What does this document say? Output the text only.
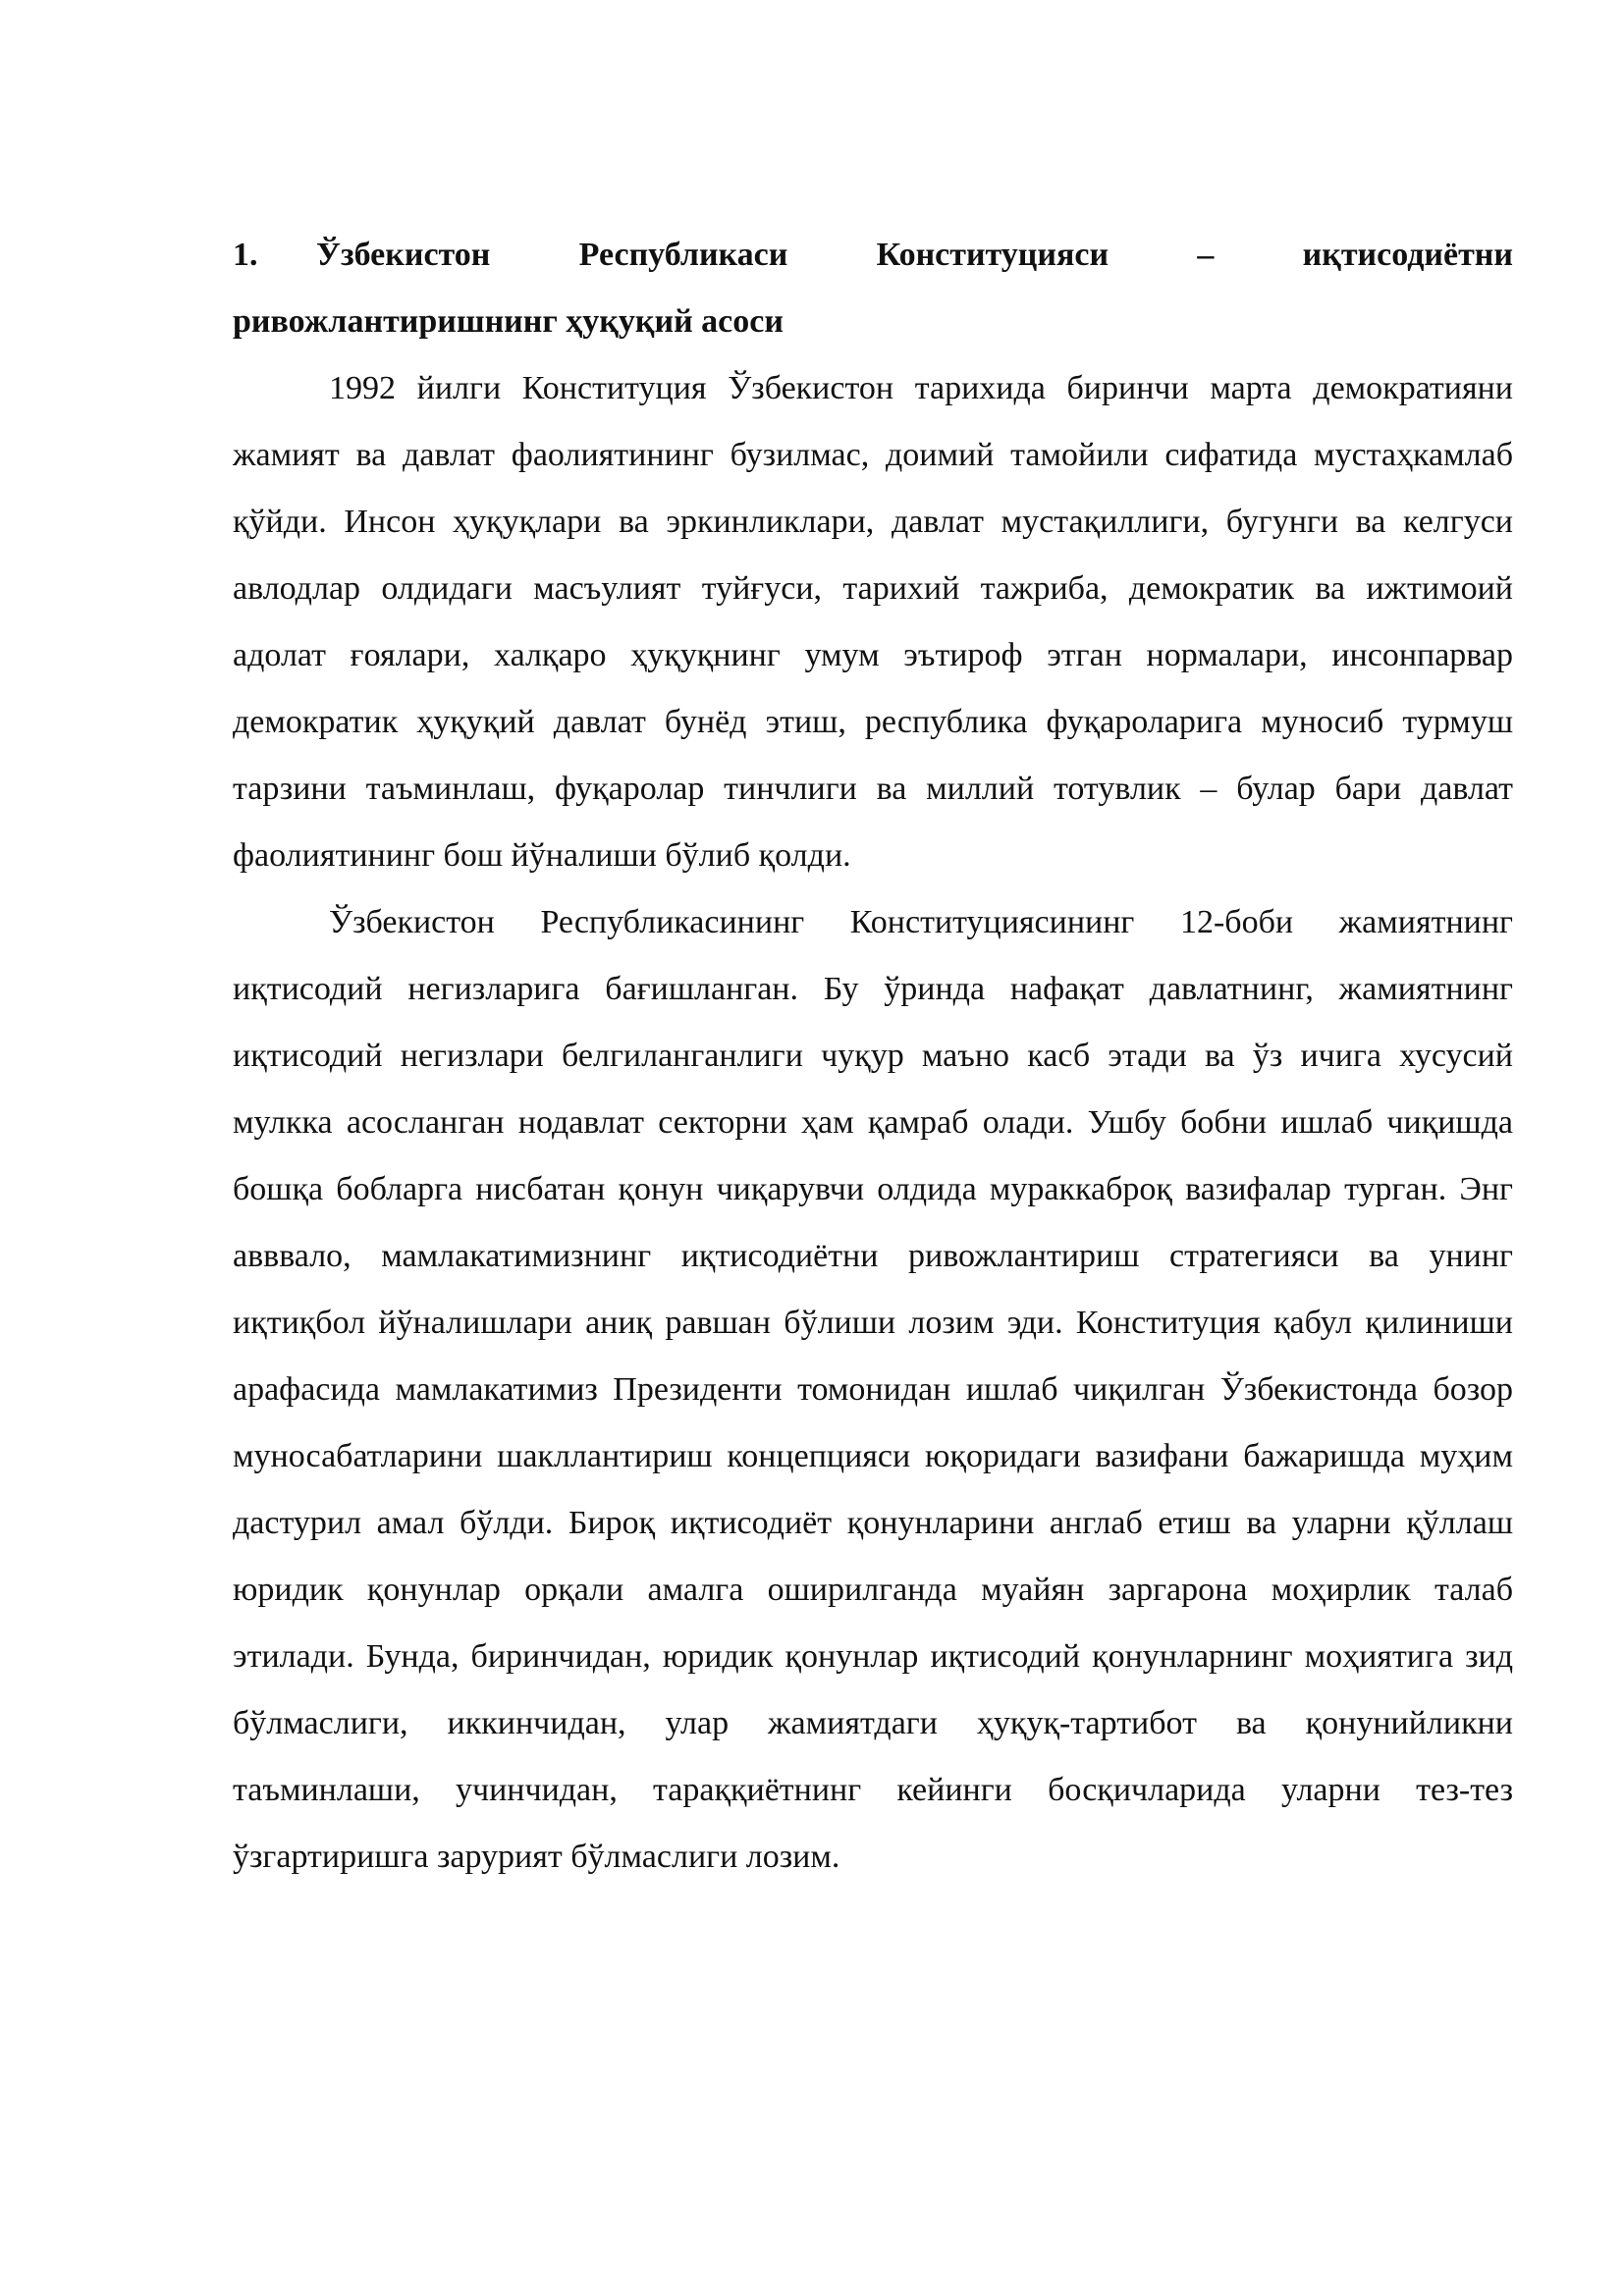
1. Ўзбекистон Республикаси Конституцияси – иқтисодиётни ривожлантиришнинг ҳуқуқий асоси

1992 йилги Конституция Ўзбекистон тарихида биринчи марта демократияни жамият ва давлат фаолиятининг бузилмас, доимий тамойили сифатида мустаҳкамлаб қўйди. Инсон ҳуқуқлари ва эркинликлари, давлат мустақиллиги, бугунги ва келгуси авлодлар олдидаги масъулият туйғуси, тарихий тажриба, демократик ва ижтимоий адолат ғоялари, халқаро ҳуқуқнинг умум эътироф этган нормалари, инсонпарвар демократик ҳуқуқий давлат бунёд этиш, республика фуқароларига муносиб турмуш тарзини таъминлаш, фуқаролар тинчлиги ва миллий тотувлик – булар бари давлат фаолиятининг бош йўналиши бўлиб қолди.

Ўзбекистон Республикасининг Конституциясининг 12-боби жамиятнинг иқтисодий негизларига бағишланган. Бу ўринда нафақат давлатнинг, жамиятнинг иқтисодий негизлари белгиланганлиги чуқур маъно касб этади ва ўз ичига хусусий мулкка асосланган нодавлат секторни ҳам қамраб олади. Ушбу бобни ишлаб чиқишда бошқа бобларга нисбатан қонун чиқарувчи олдида мураккаброқ вазифалар турган. Энг авввало, мамлакатимизнинг иқтисодиётни ривожлантириш стратегияси ва унинг иқтиқбол йўналишлари аниқ равшан бўлиши лозим эди. Конституция қабул қилиниши арафасида мамлакатимиз Президенти томонидан ишлаб чиқилган Ўзбекистонда бозор муносабатларини шакллантириш концепцияси юқоридаги вазифани бажаришда муҳим дастурил амал бўлди. Бироқ иқтисодиёт қонунларини англаб етиш ва уларни қўллаш юридик қонунлар орқали амалга оширилганда муайян заргарона моҳирлик талаб этилади. Бунда, биринчидан, юридик қонунлар иқтисодий қонунларнинг моҳиятига зид бўлмаслиги, иккинчидан, улар жамиятдаги ҳуқуқ-тартибот ва қонунийликни таъминлаши, учинчидан, тараққиётнинг кейинги босқичларида уларни тез-тез ўзгартиришга зарурият бўлмаслиги лозим.
